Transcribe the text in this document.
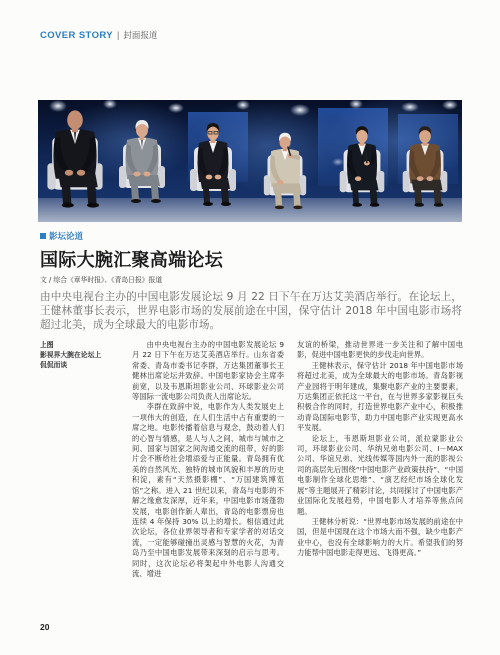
COVER STORY | 封面报道
影坛论道
国际大腕汇聚高端论坛
文 / 综合《章华时报》、《青岛日报》报道

由中央电视台主办的中国电影发展论坛 9 月 22 日下午在万达艾美酒店举行。在论坛上，王健林董事长表示，世界电影市场的发展前途在中国，保守估计 2018 年中国电影市场将超过北美，成为全球最大的电影市场。

上图
影视界大腕在论坛上侃侃而谈

由中央电视台主办的中国电影发展论坛 9 月 22 日下午在万达艾美酒店举行。山东省委常委、青岛市委书记李群，万达集团董事长王健林出席论坛并致辞。中国电影家协会主席李前宽，以及韦恩斯坦影业公司、环球影业公司等国际一流电影公司负责人出席论坛。

李群在致辞中说，电影作为人类发展史上一项伟大的创造，在人们生活中占有重要的一席之地。电影传播着信息与观念，鼓动着人们的心智与情感，是人与人之间、城市与城市之间、国家与国家之间沟通交流的纽带，好的影片会不断给社会增添爱与正能量。青岛拥有优美的自然风光、独特的城市风貌和丰厚的历史积淀，素有“天然摄影棚”、“万国建筑博览馆”之称。进入 21 世纪以来，青岛与电影的不解之缘愈发深厚，近年来，中国电影市场蓬勃发展，电影创作新人辈出，青岛的电影票房也连续 4 年保持 30% 以上的增长。相信通过此次论坛，各位业界领导者和专家学者的对话交流，一定能够碰撞出灵感与智慧的火花，为青岛乃至中国电影发展带来深刻的启示与思考。同时，这次论坛必将架起中外电影人沟通交流、增进

友谊的桥梁，推动世界进一步关注和了解中国电影，促进中国电影更快的步伐走向世界。

王健林表示，保守估计 2018 年中国电影市场将超过北美，成为全球最大的电影市场。青岛影视产业园将于明年建成，集聚电影产业的主要要素，万达集团正依托这一平台，在与世界多家影视巨头积极合作的同时，打造世界电影产业中心，积极推动青岛国际电影节，助力中国电影产业实现更高水平发展。

论坛上，韦恩斯坦影业公司，派拉蒙影业公司，环球影业公司、华纳兄弟电影公司、I－MAX 公司、华谊兄弟、光线传媒等国内外一流的影视公司的高层先后围绕“中国电影产业政策扶持”、“中国电影制作全球化思维”、“演艺经纪市场全球化发展”等主题展开了精彩讨论，共同探讨了中国电影产业国际化发展趋势，中国电影人才培养等焦点问题。

王健林分析说：“世界电影市场发展的前途在中国，但是中国现在这个市场大而不强，缺少电影产业中心，也没有全球影响力的大片。希望我们的努力能帮中国电影走得更远、飞得更高。”

20
